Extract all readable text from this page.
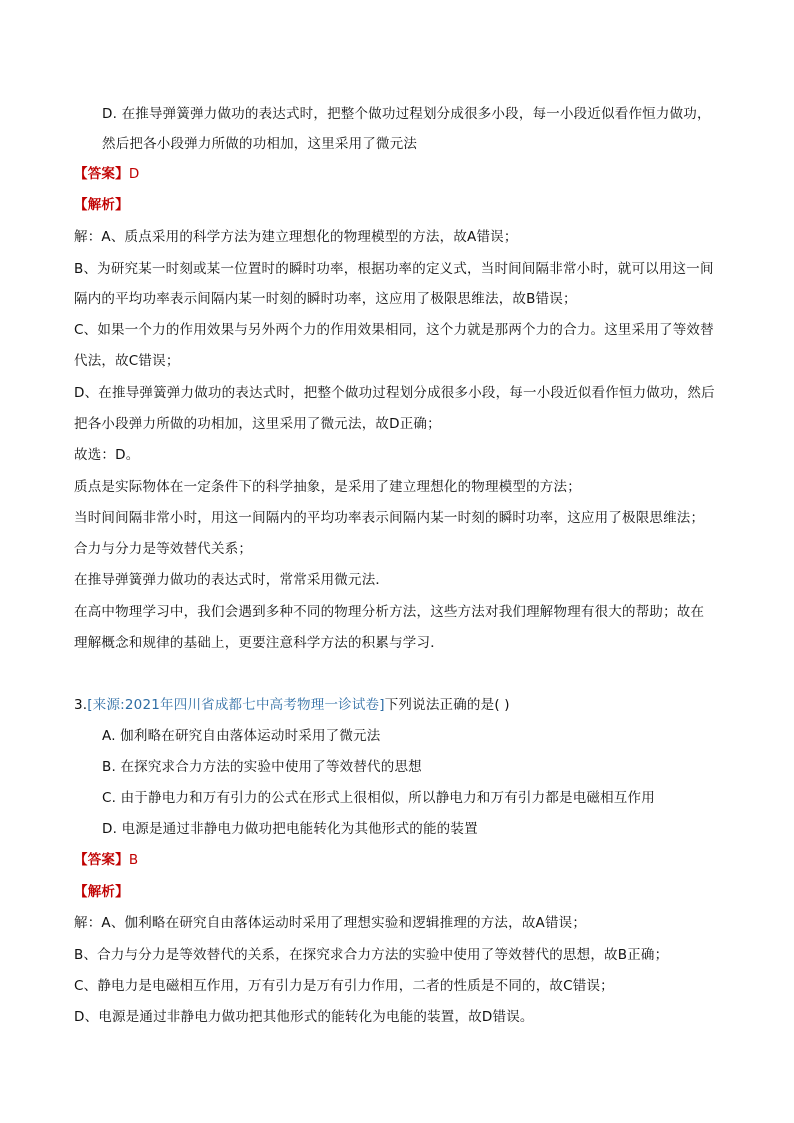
D. 在推导弹簧弹力做功的表达式时，把整个做功过程划分成很多小段，每一小段近似看作恒力做功，
然后把各小段弹力所做的功相加，这里采用了微元法
【答案】D
【解析】
解：A、质点采用的科学方法为建立理想化的物理模型的方法，故A错误；
B、为研究某一时刻或某一位置时的瞬时功率，根据功率的定义式，当时间间隔非常小时，就可以用这一间
隔内的平均功率表示间隔内某一时刻的瞬时功率，这应用了极限思维法，故B错误；
C、如果一个力的作用效果与另外两个力的作用效果相同，这个力就是那两个力的合力。这里采用了等效替
代法，故C错误；
D、在推导弹簧弹力做功的表达式时，把整个做功过程划分成很多小段，每一小段近似看作恒力做功，然后
把各小段弹力所做的功相加，这里采用了微元法，故D正确；
故选：D。
质点是实际物体在一定条件下的科学抽象，是采用了建立理想化的物理模型的方法；
当时间间隔非常小时，用这一间隔内的平均功率表示间隔内某一时刻的瞬时功率，这应用了极限思维法；
合力与分力是等效替代关系；
在推导弹簧弹力做功的表达式时，常常采用微元法．
在高中物理学习中，我们会遇到多种不同的物理分析方法，这些方法对我们理解物理有很大的帮助；故在
理解概念和规律的基础上，更要注意科学方法的积累与学习．
3.[来源:2021年四川省成都七中高考物理一诊试卷]下列说法正确的是( )
A. 伽利略在研究自由落体运动时采用了微元法
B. 在探究求合力方法的实验中使用了等效替代的思想
C. 由于静电力和万有引力的公式在形式上很相似，所以静电力和万有引力都是电磁相互作用
D. 电源是通过非静电力做功把电能转化为其他形式的能的装置
【答案】B
【解析】
解：A、伽利略在研究自由落体运动时采用了理想实验和逻辑推理的方法，故A错误；
B、合力与分力是等效替代的关系，在探究求合力方法的实验中使用了等效替代的思想，故B正确；
C、静电力是电磁相互作用，万有引力是万有引力作用，二者的性质是不同的，故C错误；
D、电源是通过非静电力做功把其他形式的能转化为电能的装置，故D错误。
